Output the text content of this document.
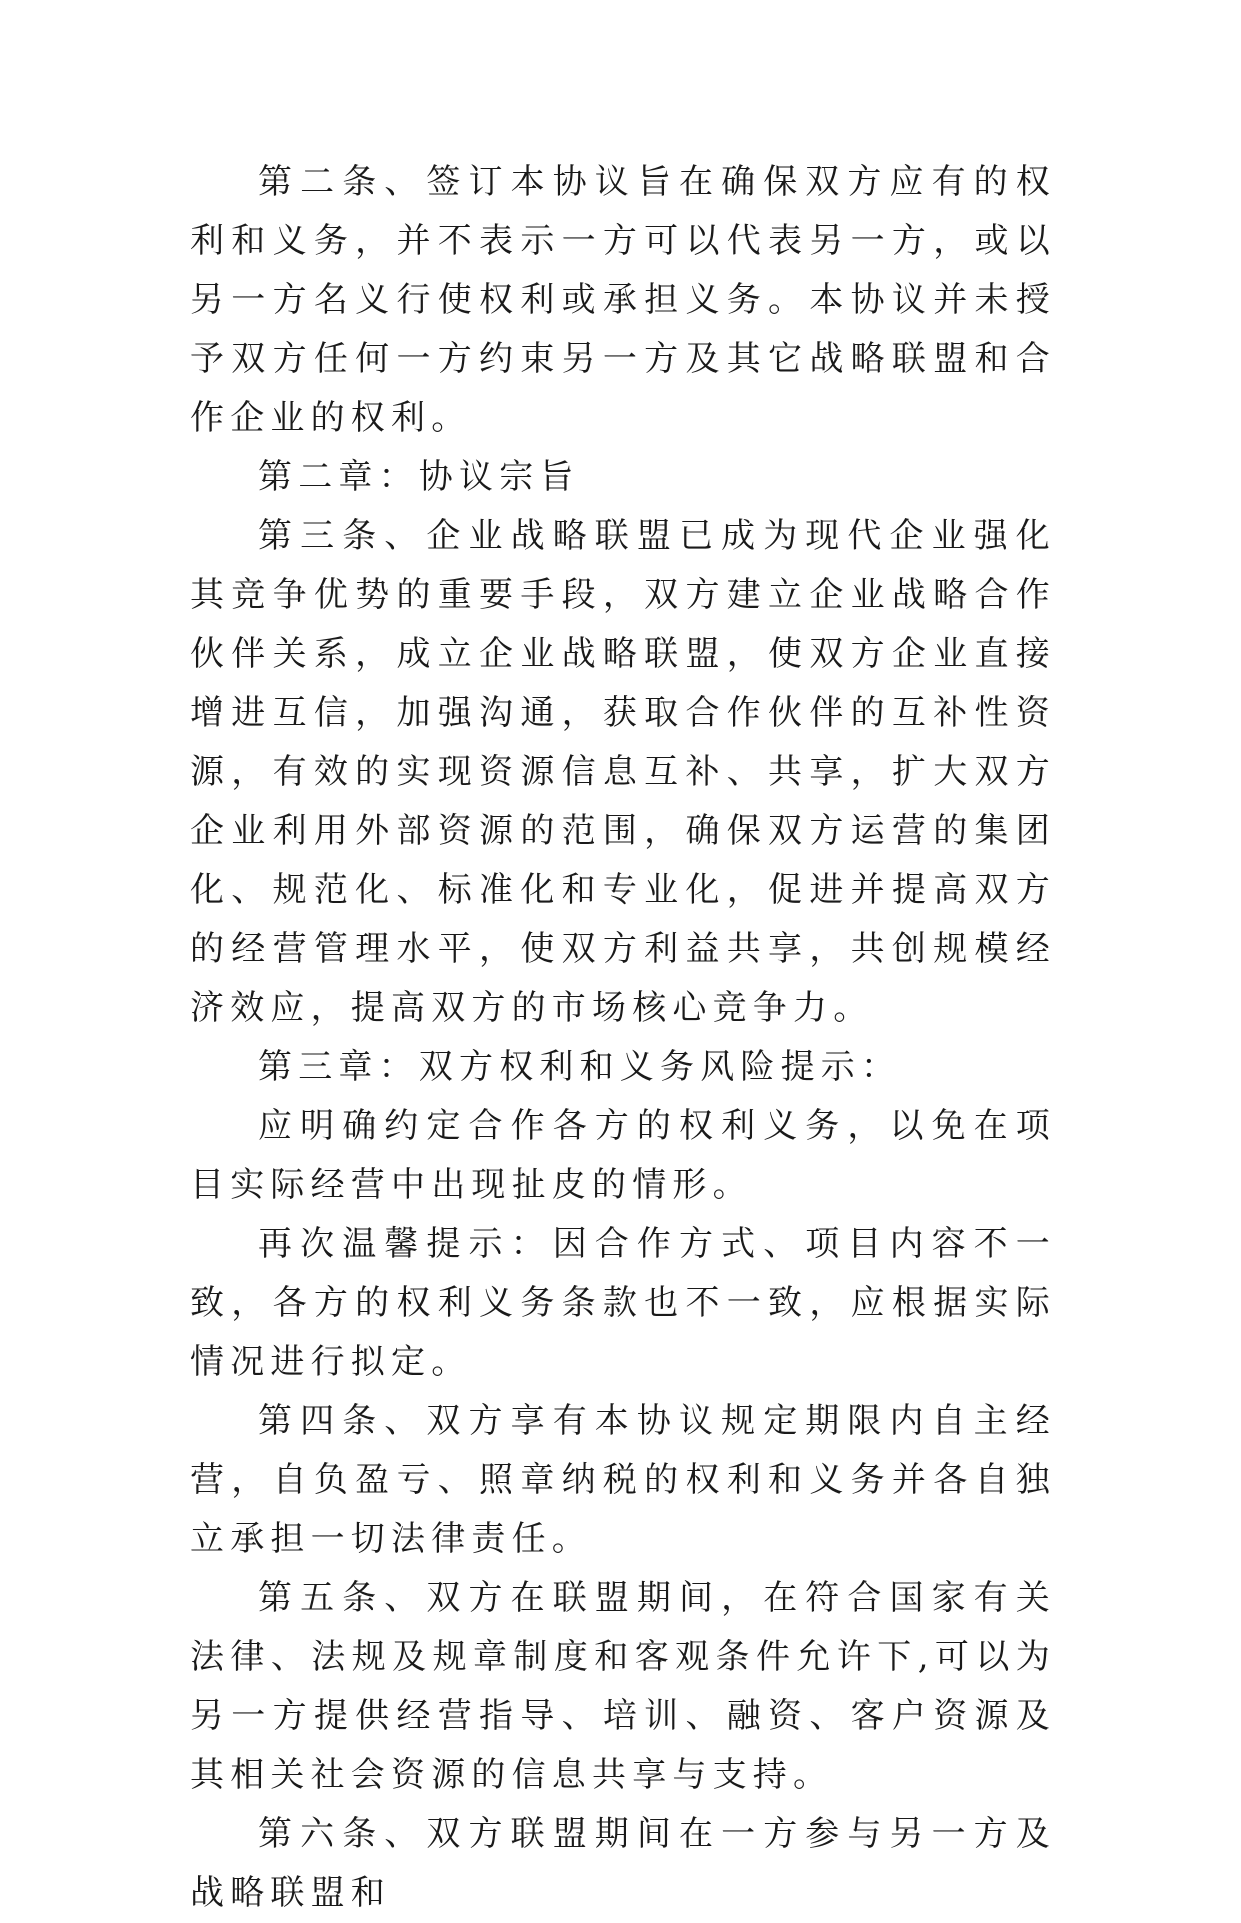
第二条、签订本协议旨在确保双方应有的权利和义务，并不表示一方可以代表另一方，或以另一方名义行使权利或承担义务。本协议并未授予双方任何一方约束另一方及其它战略联盟和合作企业的权利。

第二章：协议宗旨

第三条、企业战略联盟已成为现代企业强化其竞争优势的重要手段，双方建立企业战略合作伙伴关系，成立企业战略联盟，使双方企业直接增进互信，加强沟通，获取合作伙伴的互补性资源，有效的实现资源信息互补、共享，扩大双方企业利用外部资源的范围，确保双方运营的集团化、规范化、标准化和专业化，促进并提高双方的经营管理水平，使双方利益共享，共创规模经济效应，提高双方的市场核心竞争力。

第三章：双方权利和义务风险提示：

应明确约定合作各方的权利义务，以免在项目实际经营中出现扯皮的情形。

再次温馨提示：因合作方式、项目内容不一致，各方的权利义务条款也不一致，应根据实际情况进行拟定。

第四条、双方享有本协议规定期限内自主经营，自负盈亏、照章纳税的权利和义务并各自独立承担一切法律责任。

第五条、双方在联盟期间，在符合国家有关法律、法规及规章制度和客观条件允许下,可以为另一方提供经营指导、培训、融资、客户资源及其相关社会资源的信息共享与支持。

第六条、双方联盟期间在一方参与另一方及战略联盟和
